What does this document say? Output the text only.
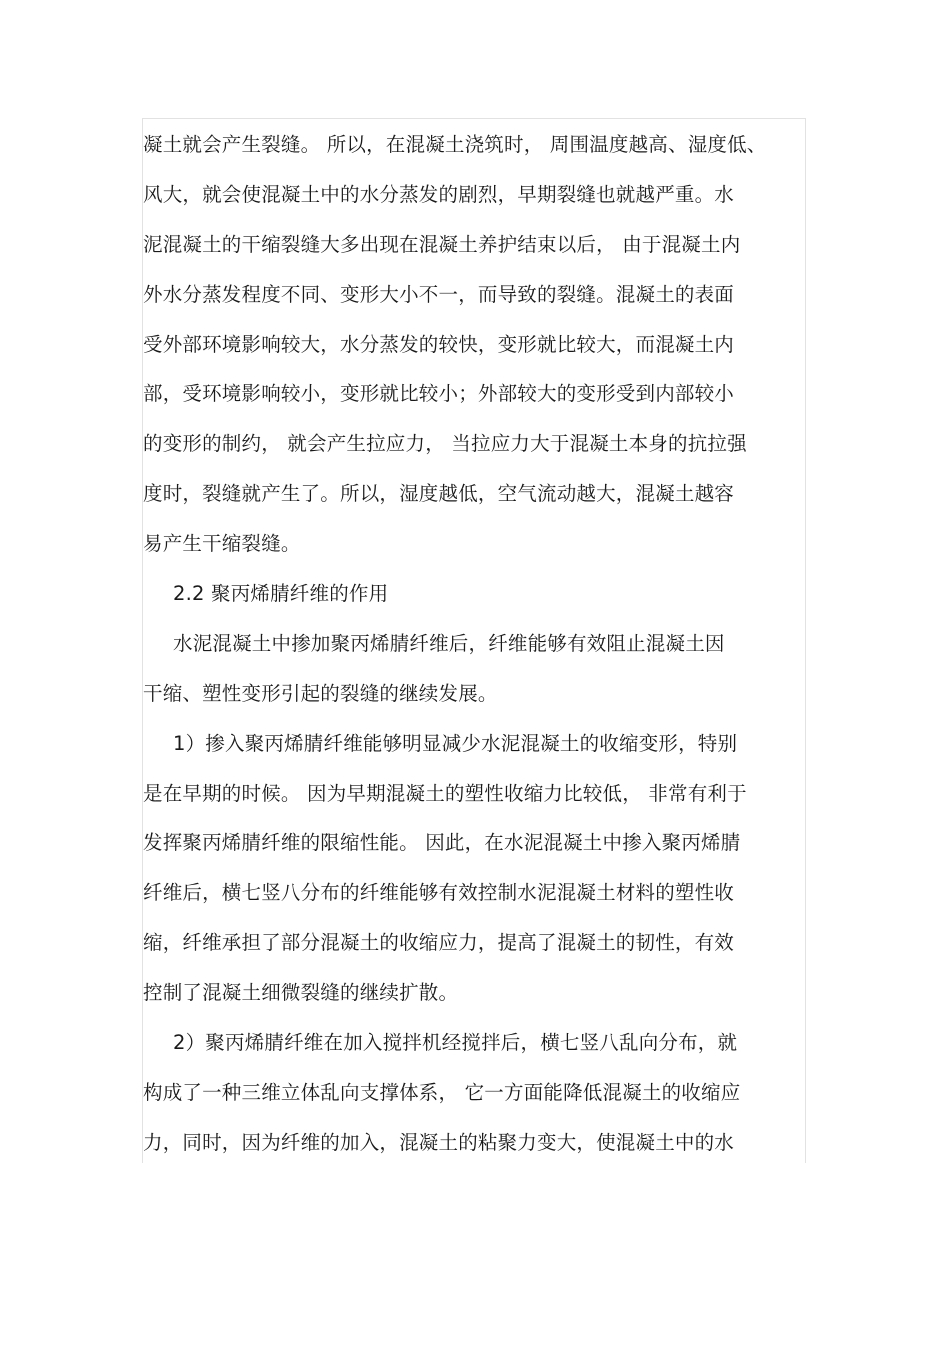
凝土就会产生裂缝。 所以，在混凝土浇筑时， 周围温度越高、湿度低、
风大，就会使混凝土中的水分蒸发的剧烈，早期裂缝也就越严重。水
泥混凝土的干缩裂缝大多出现在混凝土养护结束以后， 由于混凝土内
外水分蒸发程度不同、变形大小不一，而导致的裂缝。混凝土的表面
受外部环境影响较大，水分蒸发的较快，变形就比较大，而混凝土内
部，受环境影响较小，变形就比较小；外部较大的变形受到内部较小
的变形的制约， 就会产生拉应力， 当拉应力大于混凝土本身的抗拉强
度时，裂缝就产生了。所以，湿度越低，空气流动越大，混凝土越容
易产生干缩裂缝。
2.2 聚丙烯腈纤维的作用
水泥混凝土中掺加聚丙烯腈纤维后，纤维能够有效阻止混凝土因
干缩、塑性变形引起的裂缝的继续发展。
1）掺入聚丙烯腈纤维能够明显减少水泥混凝土的收缩变形，特别
是在早期的时候。 因为早期混凝土的塑性收缩力比较低， 非常有利于
发挥聚丙烯腈纤维的限缩性能。 因此，在水泥混凝土中掺入聚丙烯腈
纤维后，横七竖八分布的纤维能够有效控制水泥混凝土材料的塑性收
缩，纤维承担了部分混凝土的收缩应力，提高了混凝土的韧性，有效
控制了混凝土细微裂缝的继续扩散。
2）聚丙烯腈纤维在加入搅拌机经搅拌后，横七竖八乱向分布，就
构成了一种三维立体乱向支撑体系， 它一方面能降低混凝土的收缩应
力，同时，因为纤维的加入，混凝土的粘聚力变大，使混凝土中的水
